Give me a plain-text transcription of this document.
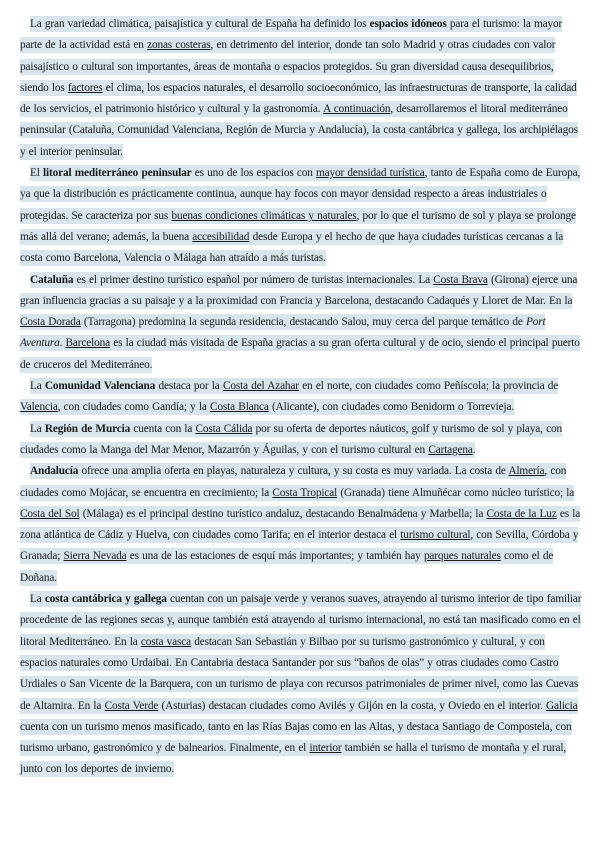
La gran variedad climática, paisajística y cultural de España ha definido los espacios idóneos para el turismo: la mayor parte de la actividad está en zonas costeras, en detrimento del interior, donde tan solo Madrid y otras ciudades con valor paisajístico o cultural son importantes, áreas de montaña o espacios protegidos. Su gran diversidad causa desequilibrios, siendo los factores el clima, los espacios naturales, el desarrollo socioeconómico, las infraestructuras de transporte, la calidad de los servicios, el patrimonio histórico y cultural y la gastronomía. A continuación, desarrollaremos el litoral mediterráneo peninsular (Cataluña, Comunidad Valenciana, Región de Murcia y Andalucía), la costa cantábrica y gallega, los archipiélagos y el interior peninsular.

El litoral mediterráneo peninsular es uno de los espacios con mayor densidad turística, tanto de España como de Europa, ya que la distribución es prácticamente continua, aunque hay focos con mayor densidad respecto a áreas industriales o protegidas. Se caracteriza por sus buenas condiciones climáticas y naturales, por lo que el turismo de sol y playa se prolonge más allá del verano; además, la buena accesibilidad desde Europa y el hecho de que haya ciudades turísticas cercanas a la costa como Barcelona, Valencia o Málaga han atraído a más turistas.

Cataluña es el primer destino turístico español por número de turistas internacionales. La Costa Brava (Girona) ejerce una gran influencia gracias a su paisaje y a la proximidad con Francia y Barcelona, destacando Cadaqués y Lloret de Mar. En la Costa Dorada (Tarragona) predomina la segunda residencia, destacando Salou, muy cerca del parque temático de Port Aventura. Barcelona es la ciudad más visitada de España gracias a su gran oferta cultural y de ocio, siendo el principal puerto de cruceros del Mediterráneo.

La Comunidad Valenciana destaca por la Costa del Azahar en el norte, con ciudades como Peñíscola; la provincia de Valencia, con ciudades como Gandía; y la Costa Blanca (Alicante), con ciudades como Benidorm o Torrevieja.

La Región de Murcia cuenta con la Costa Cálida por su oferta de deportes náuticos, golf y turismo de sol y playa, con ciudades como la Manga del Mar Menor, Mazarrón y Águilas, y con el turismo cultural en Cartagena.

Andalucía ofrece una amplia oferta en playas, naturaleza y cultura, y su costa es muy variada. La costa de Almería, con ciudades como Mojácar, se encuentra en crecimiento; la Costa Tropical (Granada) tiene Almuñécar como núcleo turístico; la Costa del Sol (Málaga) es el principal destino turístico andaluz, destacando Benalmádena y Marbella; la Costa de la Luz es la zona atlántica de Cádiz y Huelva, con ciudades como Tarifa; en el interior destaca el turismo cultural, con Sevilla, Córdoba y Granada; Sierra Nevada es una de las estaciones de esquí más importantes; y también hay parques naturales como el de Doñana.

La costa cantábrica y gallega cuentan con un paisaje verde y veranos suaves, atrayendo al turismo interior de tipo familiar procedente de las regiones secas y, aunque también está atrayendo al turismo internacional, no está tan masificado como en el litoral Mediterráneo. En la costa vasca destacan San Sebastián y Bilbao por su turismo gastronómico y cultural, y con espacios naturales como Urdaibai. En Cantabria destaca Santander por sus “baños de olas” y otras ciudades como Castro Urdiales o San Vicente de la Barquera, con un turismo de playa con recursos patrimoniales de primer nivel, como las Cuevas de Altamira. En la Costa Verde (Asturias) destacan ciudades como Avilés y Gijón en la costa, y Oviedo en el interior. Galicia cuenta con un turismo menos masificado, tanto en las Rías Bajas como en las Altas, y destaca Santiago de Compostela, con turismo urbano, gastronómico y de balnearios. Finalmente, en el interior también se halla el turismo de montaña y el rural, junto con los deportes de invierno.
